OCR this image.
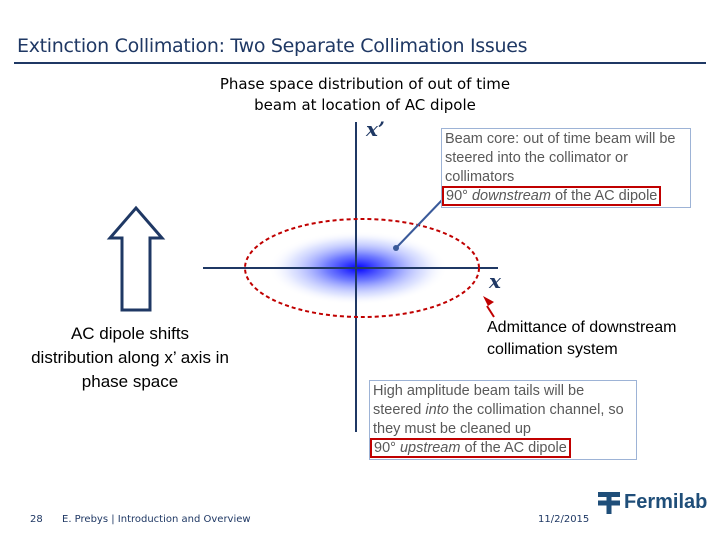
Extinction Collimation: Two Separate Collimation Issues
Phase space distribution of out of time beam at location of AC dipole
x’
x
Beam core: out of time beam will be steered into the collimator or collimators
90° downstream of the AC dipole
AC dipole shifts distribution along x’ axis in phase space
Admittance of downstream collimation system
High amplitude beam tails will be steered into the collimation channel, so they must be cleaned up
90° upstream of the AC dipole
28 E. Prebys | Introduction and Overview	11/2/2015
Fermilab
